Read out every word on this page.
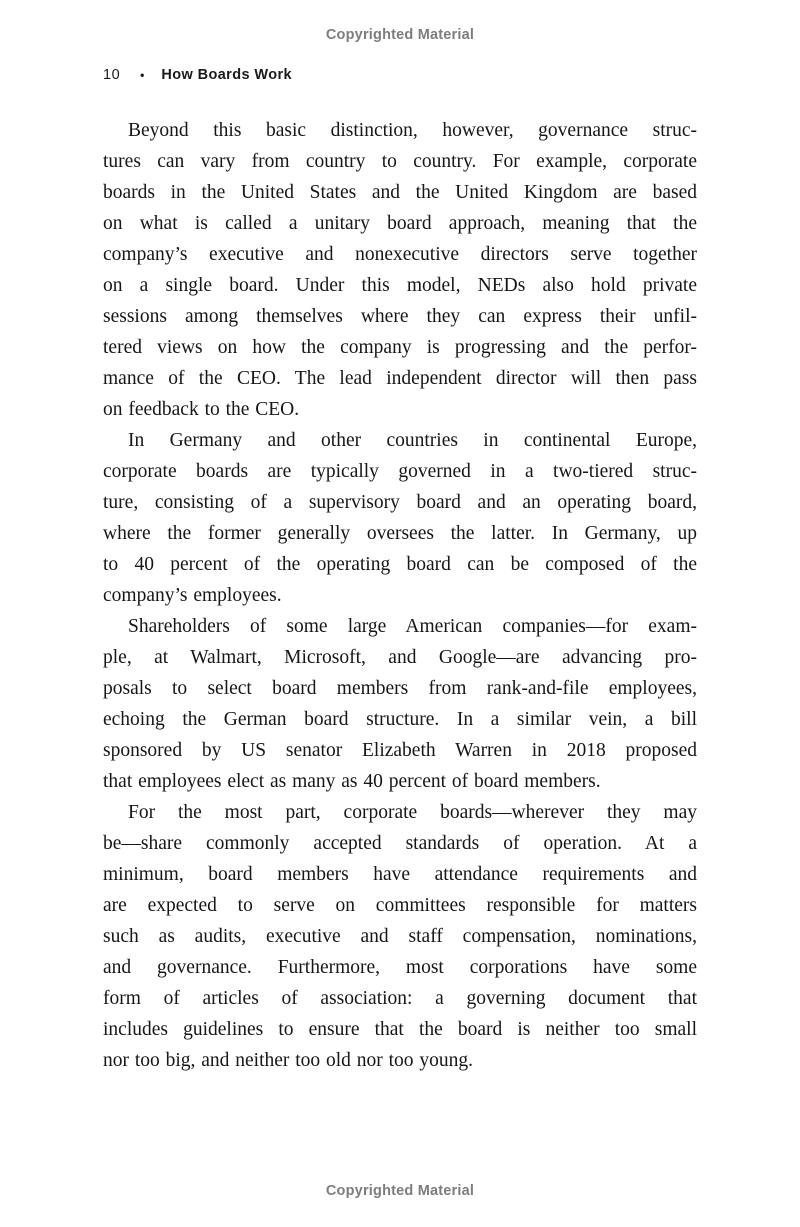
Copyrighted Material
10 • How Boards Work

Beyond this basic distinction, however, governance struc-
tures can vary from country to country. For example, corporate
boards in the United States and the United Kingdom are based
on what is called a unitary board approach, meaning that the
company’s executive and nonexecutive directors serve together
on a single board. Under this model, NEDs also hold private
sessions among themselves where they can express their unfil-
tered views on how the company is progressing and the perfor-
mance of the CEO. The lead independent director will then pass
on feedback to the CEO.

In Germany and other countries in continental Europe,
corporate boards are typically governed in a two-tiered struc-
ture, consisting of a supervisory board and an operating board,
where the former generally oversees the latter. In Germany, up
to 40 percent of the operating board can be composed of the
company’s employees.

Shareholders of some large American companies—for exam-
ple, at Walmart, Microsoft, and Google—are advancing pro-
posals to select board members from rank-and-file employees,
echoing the German board structure. In a similar vein, a bill
sponsored by US senator Elizabeth Warren in 2018 proposed
that employees elect as many as 40 percent of board members.

For the most part, corporate boards—wherever they may
be—share commonly accepted standards of operation. At a
minimum, board members have attendance requirements and
are expected to serve on committees responsible for matters
such as audits, executive and staff compensation, nominations,
and governance. Furthermore, most corporations have some
form of articles of association: a governing document that
includes guidelines to ensure that the board is neither too small
nor too big, and neither too old nor too young.

Copyrighted Material
